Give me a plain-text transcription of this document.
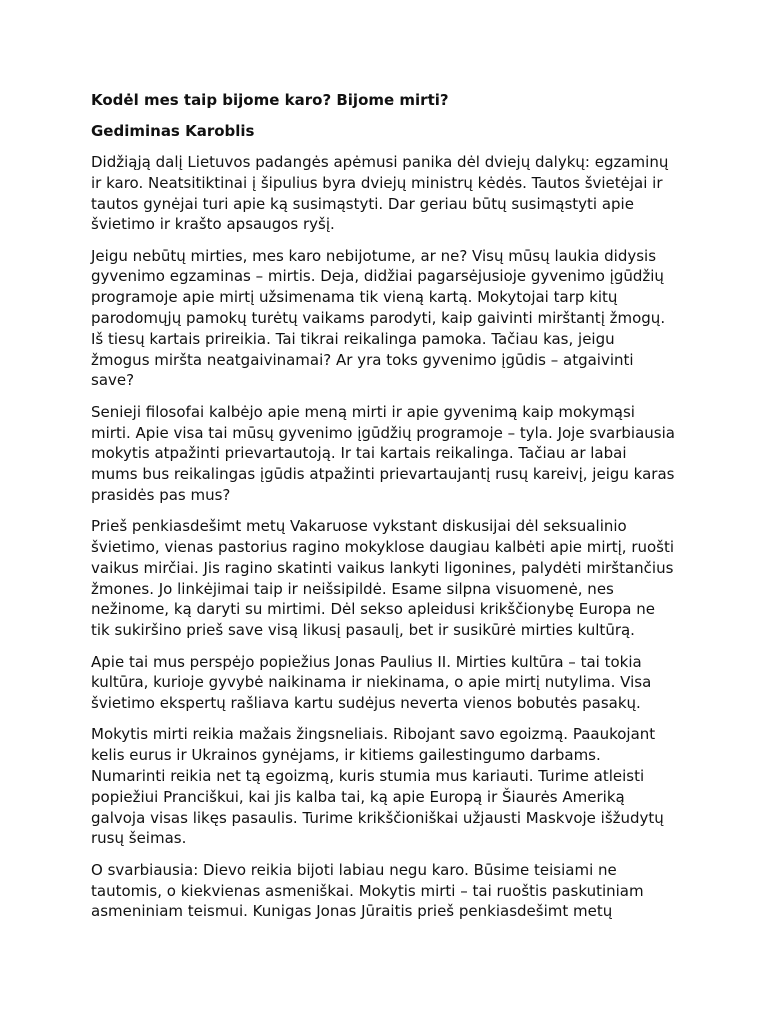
Kodėl mes taip bijome karo? Bijome mirti?
Gediminas Karoblis
Didžiąją dalį Lietuvos padangės apėmusi panika dėl dviejų dalykų: egzaminų
ir karo. Neatsitiktinai į šipulius byra dviejų ministrų kėdės. Tautos švietėjai ir
tautos gynėjai turi apie ką susimąstyti. Dar geriau būtų susimąstyti apie
švietimo ir krašto apsaugos ryšį.
Jeigu nebūtų mirties, mes karo nebijotume, ar ne? Visų mūsų laukia didysis
gyvenimo egzaminas – mirtis. Deja, didžiai pagarsėjusioje gyvenimo įgūdžių
programoje apie mirtį užsimenama tik vieną kartą. Mokytojai tarp kitų
parodomųjų pamokų turėtų vaikams parodyti, kaip gaivinti mirštantį žmogų.
Iš tiesų kartais prireikia. Tai tikrai reikalinga pamoka. Tačiau kas, jeigu
žmogus miršta neatgaivinamai? Ar yra toks gyvenimo įgūdis – atgaivinti
save?
Senieji filosofai kalbėjo apie meną mirti ir apie gyvenimą kaip mokymąsi
mirti. Apie visa tai mūsų gyvenimo įgūdžių programoje – tyla. Joje svarbiausia
mokytis atpažinti prievartautoją. Ir tai kartais reikalinga. Tačiau ar labai
mums bus reikalingas įgūdis atpažinti prievartaujantį rusų kareivį, jeigu karas
prasidės pas mus?
Prieš penkiasdešimt metų Vakaruose vykstant diskusijai dėl seksualinio
švietimo, vienas pastorius ragino mokyklose daugiau kalbėti apie mirtį, ruošti
vaikus mirčiai. Jis ragino skatinti vaikus lankyti ligonines, palydėti mirštančius
žmones. Jo linkėjimai taip ir neišsipildė. Esame silpna visuomenė, nes
nežinome, ką daryti su mirtimi. Dėl sekso apleidusi krikščionybę Europa ne
tik sukiršino prieš save visą likusį pasaulį, bet ir susikūrė mirties kultūrą.
Apie tai mus perspėjo popiežius Jonas Paulius II. Mirties kultūra – tai tokia
kultūra, kurioje gyvybė naikinama ir niekinama, o apie mirtį nutylima. Visa
švietimo ekspertų rašliava kartu sudėjus neverta vienos bobutės pasakų.
Mokytis mirti reikia mažais žingsneliais. Ribojant savo egoizmą. Paaukojant
kelis eurus ir Ukrainos gynėjams, ir kitiems gailestingumo darbams.
Numarinti reikia net tą egoizmą, kuris stumia mus kariauti. Turime atleisti
popiežiui Pranciškui, kai jis kalba tai, ką apie Europą ir Šiaurės Ameriką
galvoja visas likęs pasaulis. Turime krikščioniškai užjausti Maskvoje išžudytų
rusų šeimas.
O svarbiausia: Dievo reikia bijoti labiau negu karo. Būsime teisiami ne
tautomis, o kiekvienas asmeniškai. Mokytis mirti – tai ruoštis paskutiniam
asmeniniam teismui. Kunigas Jonas Jūraitis prieš penkiasdešimt metų
